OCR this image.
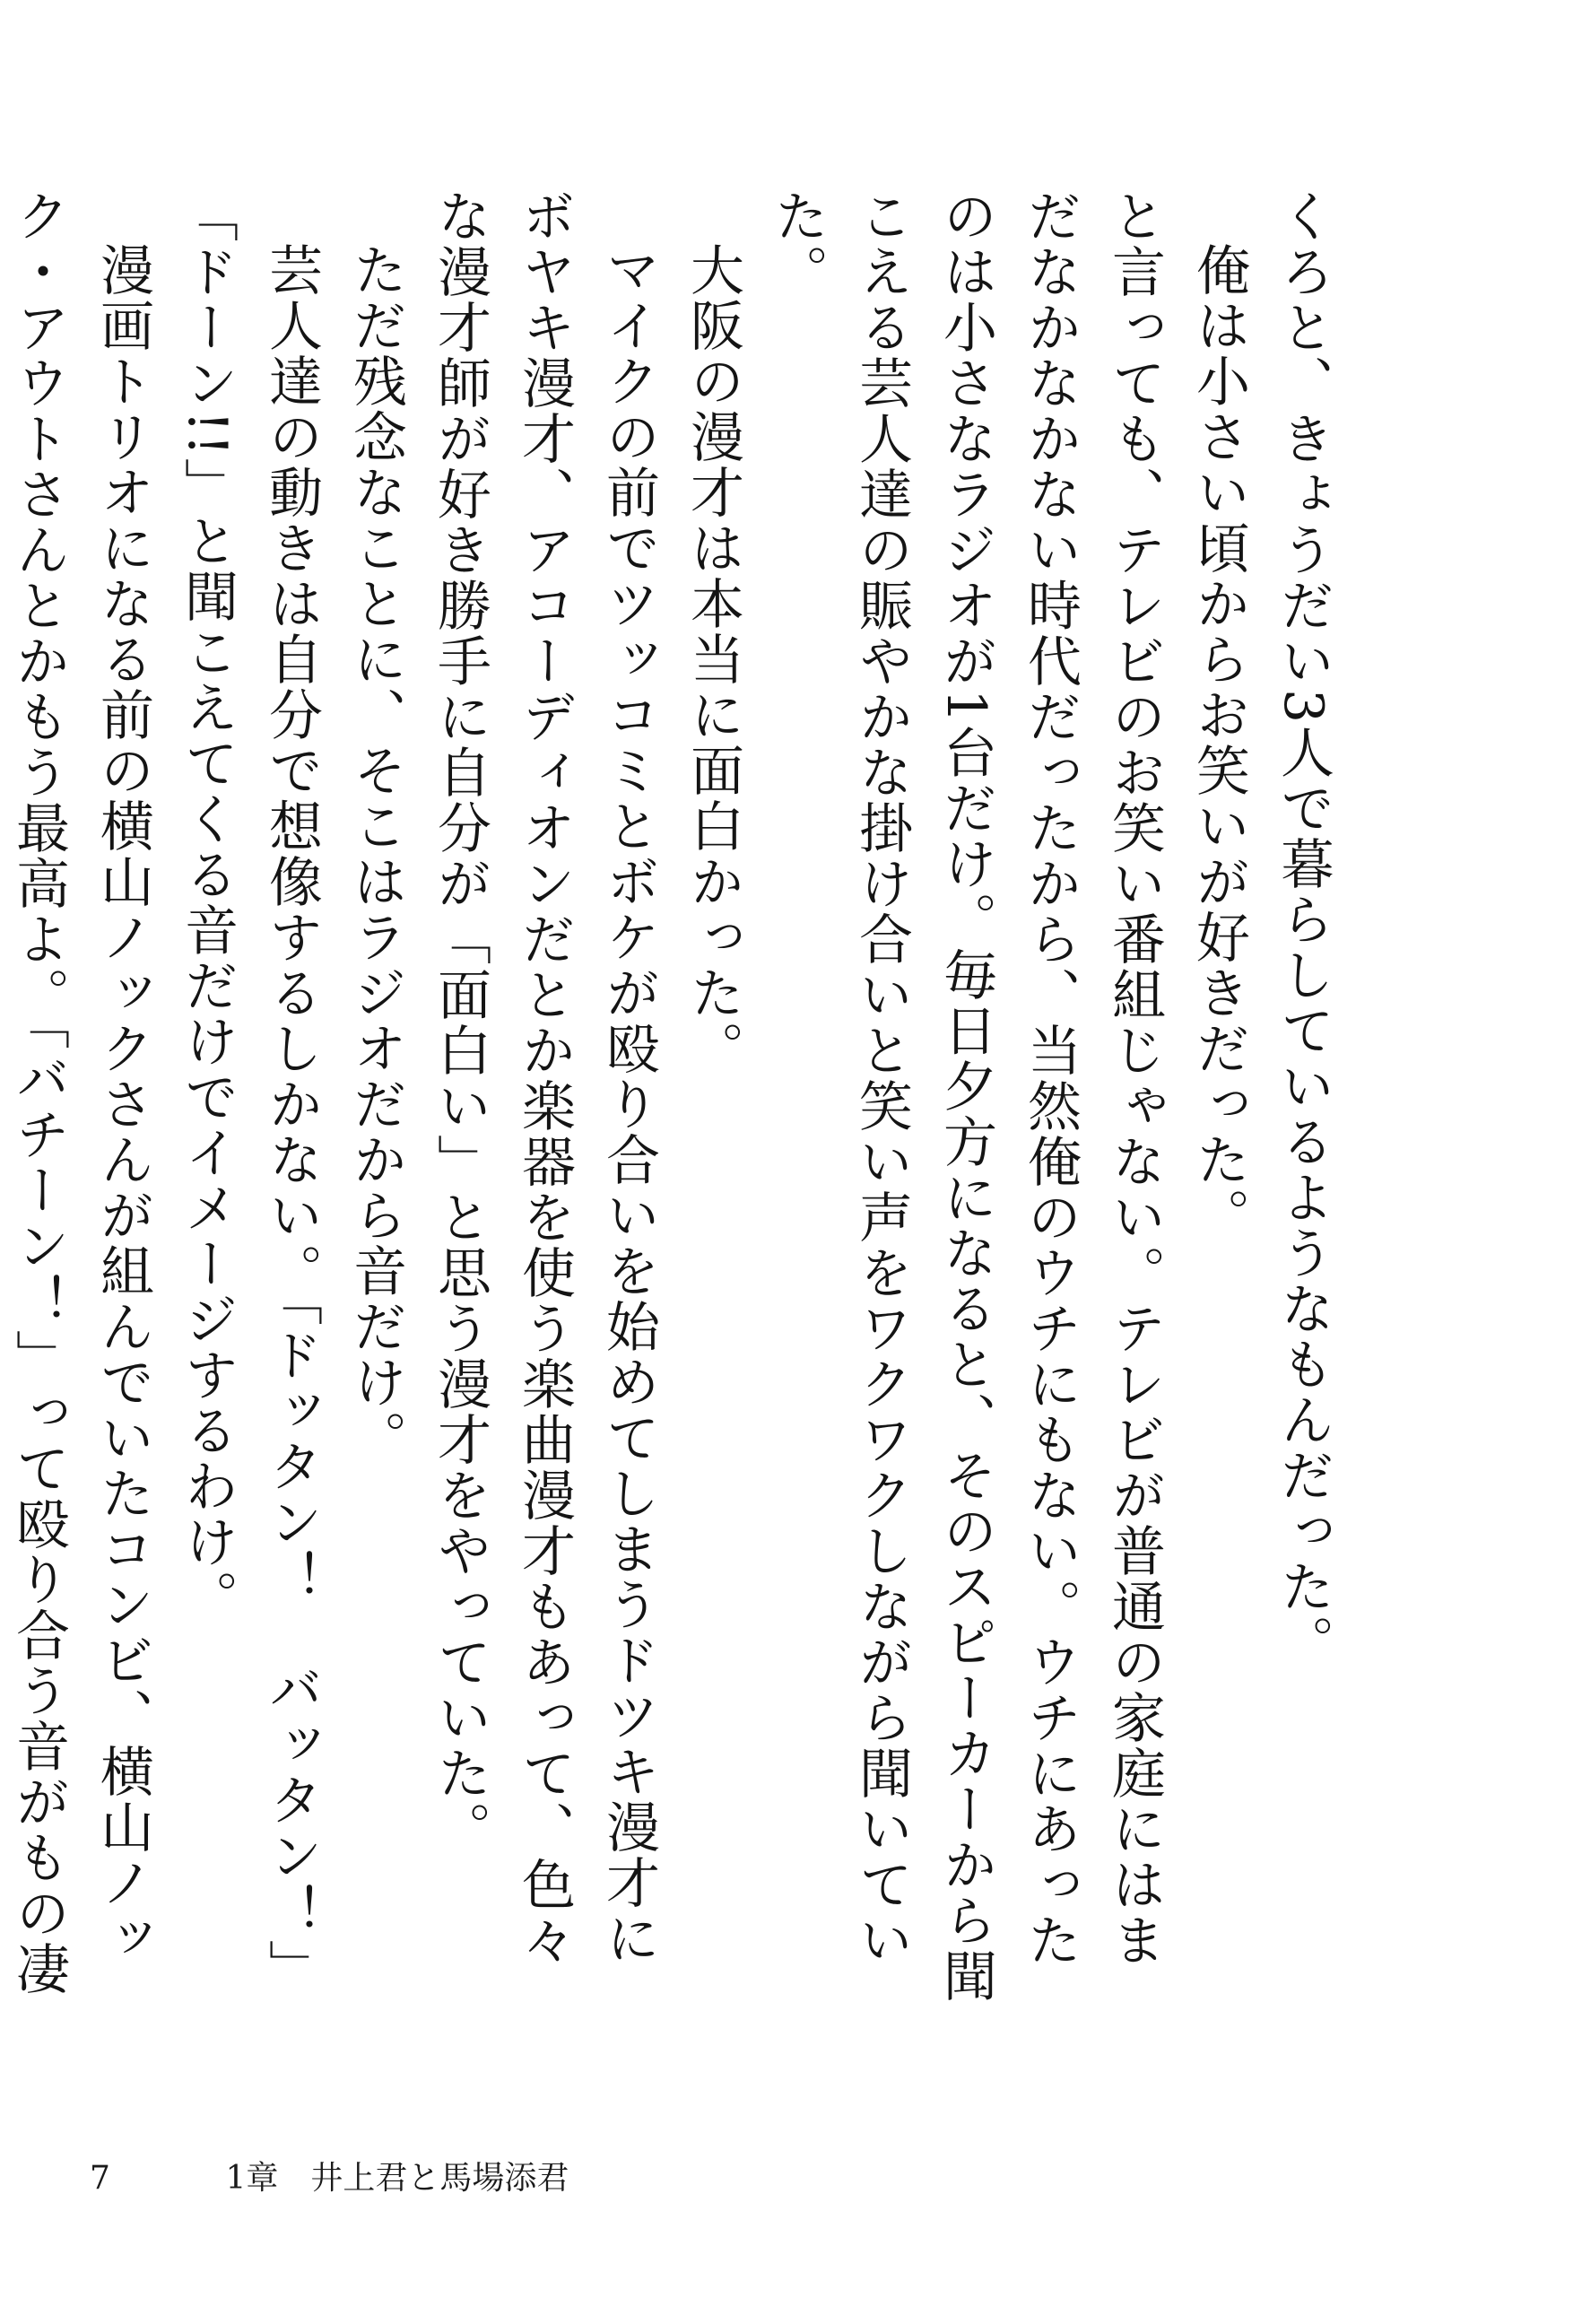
くろと、きょうだい3人で暮らしているようなもんだった。

俺は小さい頃からお笑いが好きだった。

と言っても、テレビのお笑い番組じゃない。テレビが普通の家庭にはまだなかなかない時代だったから、当然俺のウチにもない。ウチにあったのは小さなラジオが1台だけ。毎日夕方になると、そのスピーカーから聞こえる芸人達の賑やかな掛け合いと笑い声をワクワクしながら聞いていた。

大阪の漫才は本当に面白かった。

マイクの前でツッコミとボケが殴り合いを始めてしまうドツキ漫才にボヤキ漫才、アコーディオンだとか楽器を使う楽曲漫才もあって、色々な漫才師が好き勝手に自分が「面白い」と思う漫才をやっていた。

ただ残念なことに、そこはラジオだから音だけ。

芸人達の動きは自分で想像するしかない。「ドッタン！　バッタン！」「ドーン!!」と聞こえてくる音だけでイメージするわけ。

漫画トリオになる前の横山ノックさんが組んでいたコンビ、横山ノック・アウトさんとかもう最高よ。「バチーン！」って殴り合う音がもの凄

7	1章　井上君と馬場添君
